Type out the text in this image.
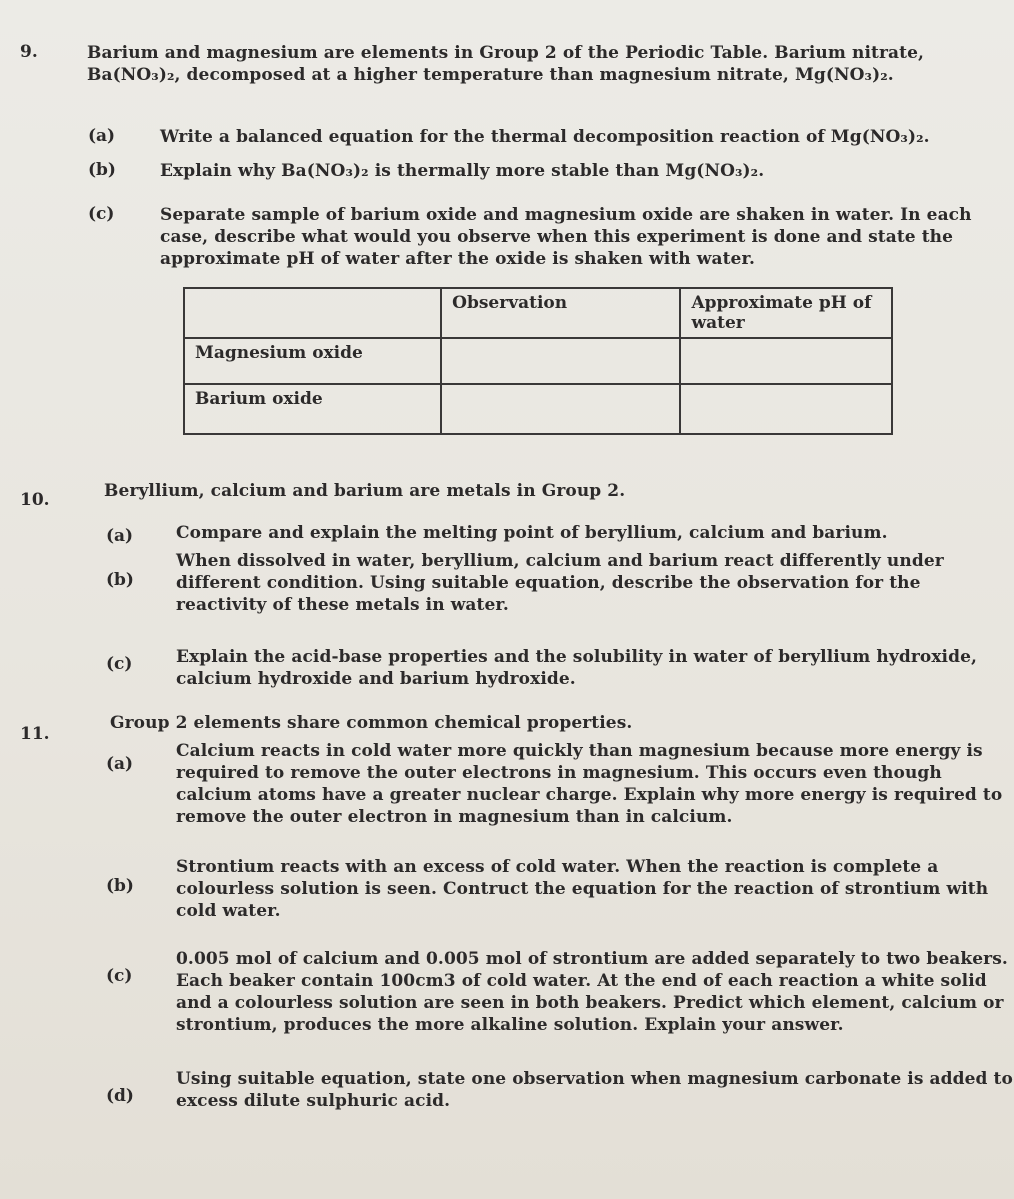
9.	Barium and magnesium are elements in Group 2 of the Periodic Table. Barium nitrate,
Ba(NO₃)₂, decomposed at a higher temperature than magnesium nitrate, Mg(NO₃)₂.
(a)	Write a balanced equation for the thermal decomposition reaction of Mg(NO₃)₂.
(b)	Explain why Ba(NO₃)₂ is thermally more stable than Mg(NO₃)₂.
(c)	Separate sample of barium oxide and magnesium oxide are shaken in water. In each
case, describe what would you observe when this experiment is done and state the
approximate pH of water after the oxide is shaken with water.
	Observation	Approximate pH of water
Magnesium oxide		
Barium oxide		
10.	Beryllium, calcium and barium are metals in Group 2.
(a)	Compare and explain the melting point of beryllium, calcium and barium.
(b)
When dissolved in water, beryllium, calcium and barium react differently under
different condition. Using suitable equation, describe the observation for the
reactivity of these metals in water.
(c)	Explain the acid-base properties and the solubility in water of beryllium hydroxide,
calcium hydroxide and barium hydroxide.
11.
Group 2 elements share common chemical properties.
(a)
Calcium reacts in cold water more quickly than magnesium because more energy is
required to remove the outer electrons in magnesium. This occurs even though
calcium atoms have a greater nuclear charge. Explain why more energy is required to
remove the outer electron in magnesium than in calcium.
(b)
Strontium reacts with an excess of cold water. When the reaction is complete a
colourless solution is seen. Contruct the equation for the reaction of strontium with
cold water.
(c)
0.005 mol of calcium and 0.005 mol of strontium are added separately to two beakers.
Each beaker contain 100cm3 of cold water. At the end of each reaction a white solid
and a colourless solution are seen in both beakers. Predict which element, calcium or
strontium, produces the more alkaline solution. Explain your answer.
(d)
Using suitable equation, state one observation when magnesium carbonate is added to
excess dilute sulphuric acid.
